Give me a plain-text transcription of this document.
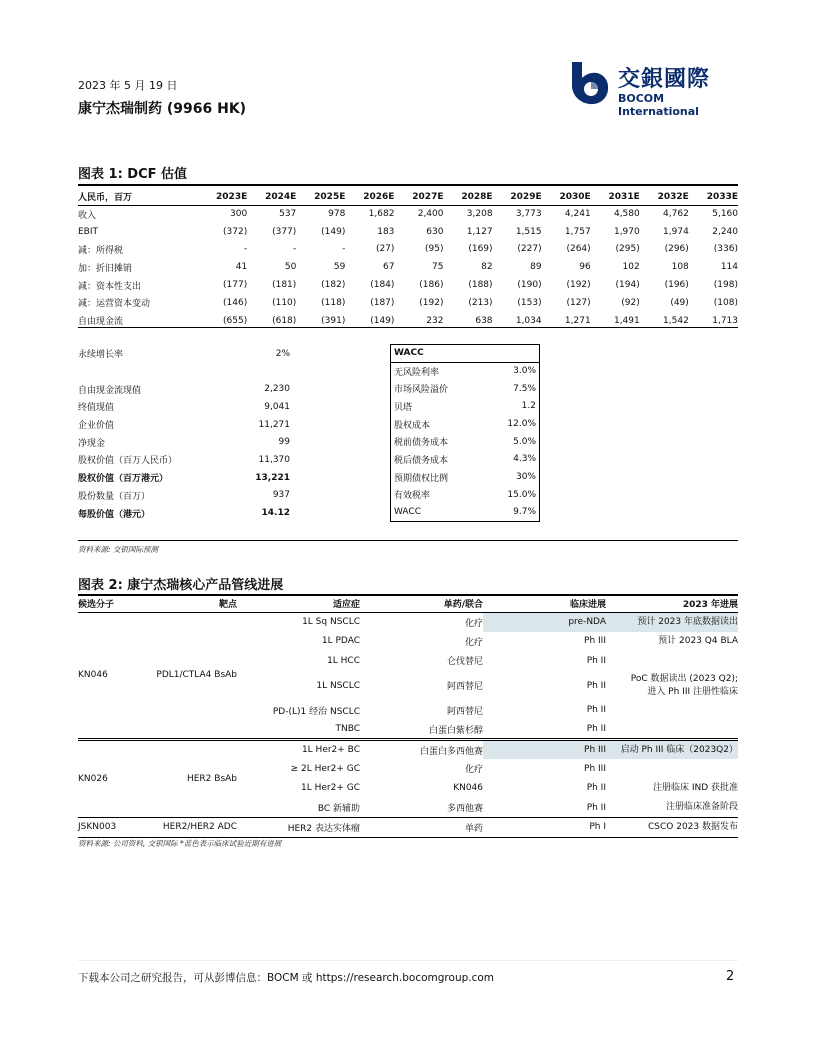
2023 年 5 月 19 日
康宁杰瑞制药 (9966 HK)
交銀國際
BOCOM International
图表 1: DCF 估值
人民币，百万	2023E	2024E	2025E	2026E	2027E	2028E	2029E	2030E	2031E	2032E	2033E
收入	300	537	978	1,682	2,400	3,208	3,773	4,241	4,580	4,762	5,160
EBIT	(372)	(377)	(149)	183	630	1,127	1,515	1,757	1,970	1,974	2,240
减：所得税	-	-	-	(27)	(95)	(169)	(227)	(264)	(295)	(296)	(336)
加：折旧摊销	41	50	59	67	75	82	89	96	102	108	114
减：资本性支出	(177)	(181)	(182)	(184)	(186)	(188)	(190)	(192)	(194)	(196)	(198)
减：运营资本变动	(146)	(110)	(118)	(187)	(192)	(213)	(153)	(127)	(92)	(49)	(108)
自由现金流	(655)	(618)	(391)	(149)	232	638	1,034	1,271	1,491	1,542	1,713
永续增长率	2%

自由现金流现值	2,230
终值现值	9,041
企业价值	11,271
净现金	99
股权价值（百万人民币）	11,370
股权价值（百万港元）	13,221
股份数量（百万）	937
每股价值（港元）	14.12
WACC	
无风险利率	3.0%
市场风险溢价	7.5%
贝塔	1.2
股权成本	12.0%
税前债务成本	5.0%
税后债务成本	4.3%
预期债权比例	30%
有效税率	15.0%
WACC	9.7%
资料来源: 交银国际预测
图表 2: 康宁杰瑞核心产品管线进展
候选分子	靶点	适应症	单药/联合	临床进展	2023 年进展
KN046	PDL1/CTLA4 BsAb	1L Sq NSCLC	化疗	pre-NDA	预计 2023 年底数据读出
		1L PDAC	化疗	Ph III	预计 2023 Q4 BLA
		1L HCC	仑伐替尼	Ph II	
		1L NSCLC	阿西替尼	Ph II	PoC 数据读出 (2023 Q2);
进入 Ph III 注册性临床
		PD-(L)1 经治 NSCLC	阿西替尼	Ph II	
		TNBC	白蛋白紫杉醇	Ph II	
KN026	HER2 BsAb	1L Her2+ BC	白蛋白多西他赛	Ph III	启动 Ph III 临床（2023Q2）
		≥ 2L Her2+ GC	化疗	Ph III	
		1L Her2+ GC	KN046	Ph II	注册临床 IND 获批准
		BC 新辅助	多西他赛	Ph II	注册临床准备阶段
JSKN003	HER2/HER2 ADC	HER2 表达实体瘤	单药	Ph I	CSCO 2023 数据发布
资料来源: 公司资料, 交银国际 *蓝色表示临床试验近期有进展
下载本公司之研究报告，可从彭博信息：BOCM 或 https://research.bocomgroup.com	2
